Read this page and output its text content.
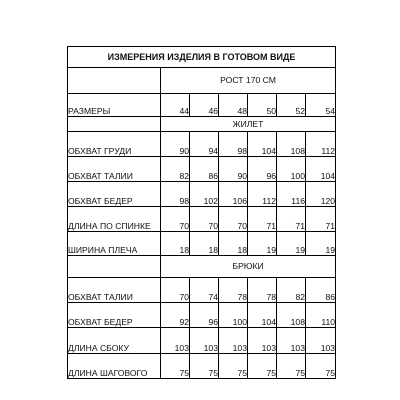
ИЗМЕРЕНИЯ ИЗДЕЛИЯ В ГОТОВОМ ВИДЕ						
	РОСТ 170 СМ					
РАЗМЕРЫ	44	46	48	50	52	54
	ЖИЛЕТ					
ОБХВАТ ГРУДИ	90	94	98	104	108	112
ОБХВАТ ТАЛИИ	82	86	90	96	100	104
ОБХВАТ БЕДЕР	98	102	106	112	116	120
ДЛИНА ПО СПИНКЕ	70	70	70	71	71	71
ШИРИНА ПЛЕЧА	18	18	18	19	19	19
	БРЮКИ					
ОБХВАТ ТАЛИИ	70	74	78	78	82	86
ОБХВАТ БЕДЕР	92	96	100	104	108	110
ДЛИНА СБОКУ	103	103	103	103	103	103
ДЛИНА ШАГОВОГО	75	75	75	75	75	75
